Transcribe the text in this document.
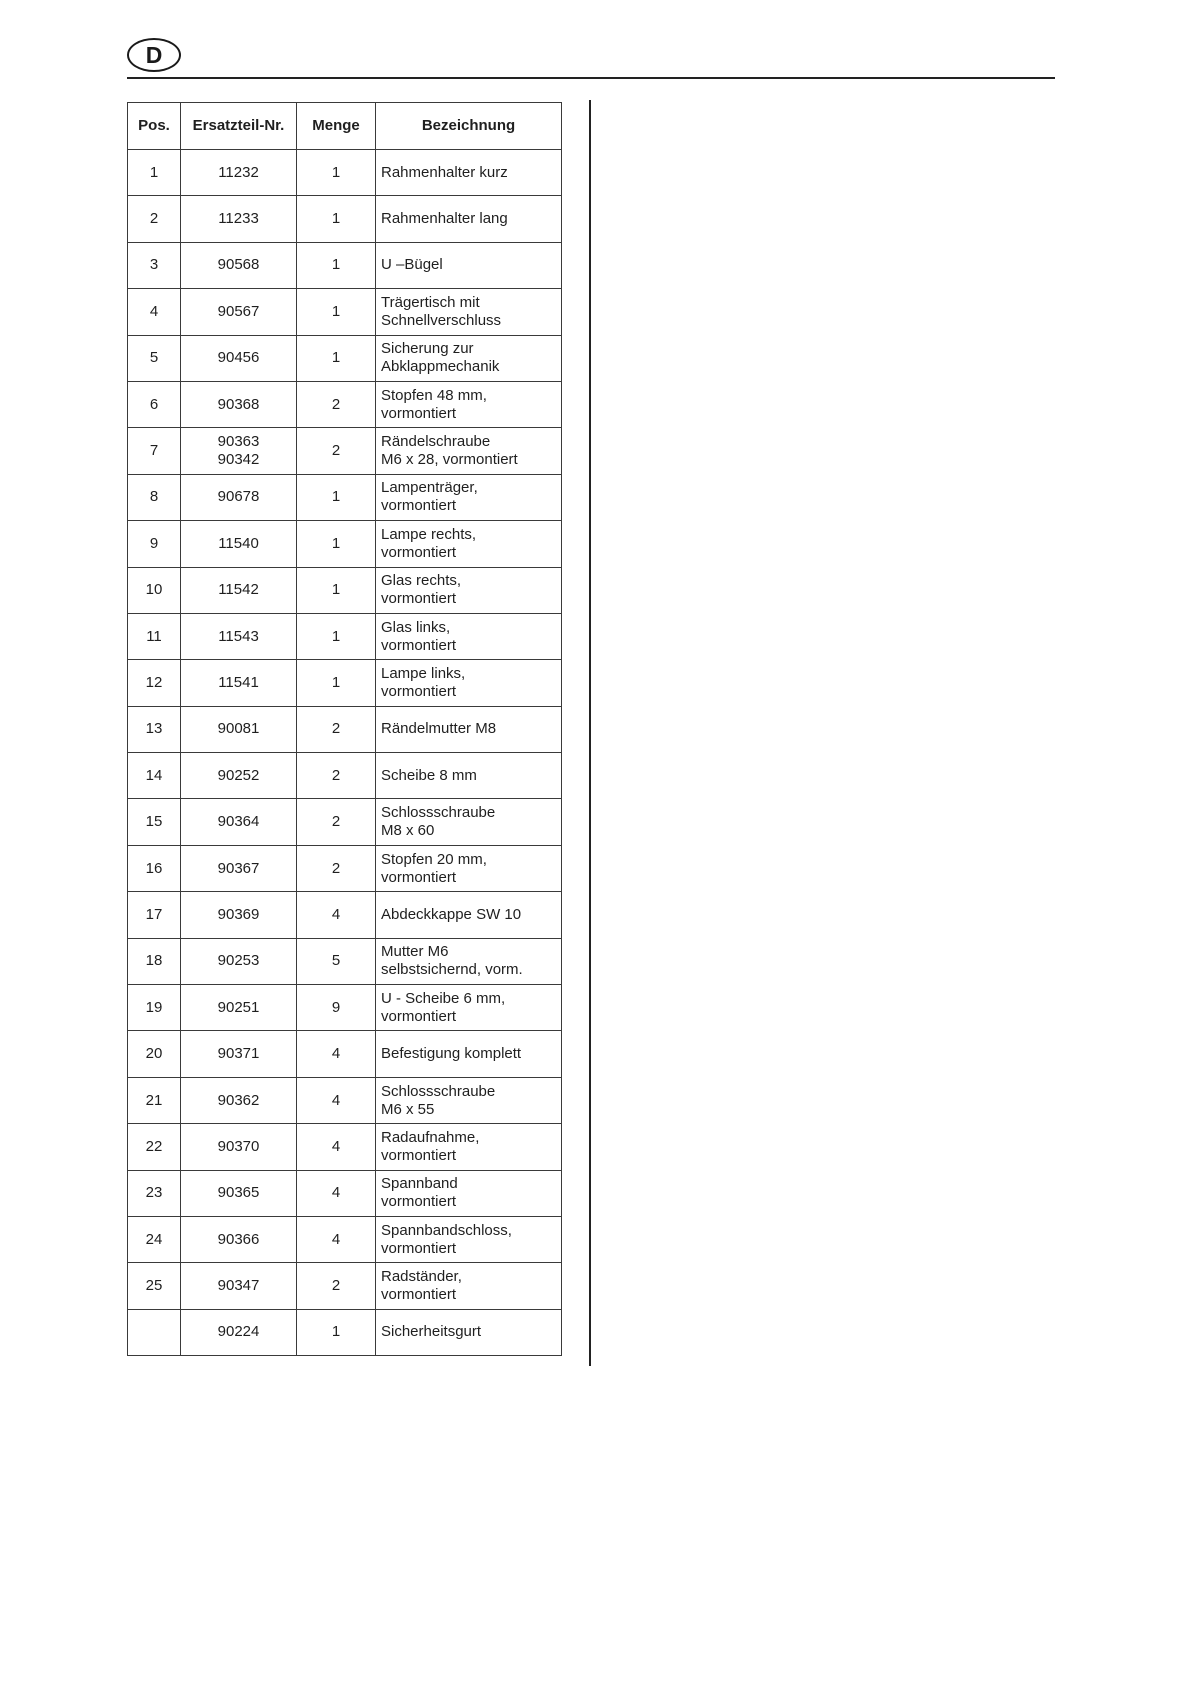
D
Pos.	Ersatzteil-Nr.	Menge	Bezeichnung
1	11232	1	Rahmenhalter kurz
2	11233	1	Rahmenhalter lang
3	90568	1	U –Bügel
4	90567	1	Trägertisch mit
Schnellverschluss
5	90456	1	Sicherung zur
Abklappmechanik
6	90368	2	Stopfen 48 mm,
vormontiert
7	90363
90342	2	Rändelschraube
M6 x 28, vormontiert
8	90678	1	Lampenträger,
vormontiert
9	11540	1	Lampe rechts,
vormontiert
10	11542	1	Glas rechts,
vormontiert
11	11543	1	Glas links,
vormontiert
12	11541	1	Lampe links,
vormontiert
13	90081	2	Rändelmutter M8
14	90252	2	Scheibe 8 mm
15	90364	2	Schlossschraube
M8 x 60
16	90367	2	Stopfen 20 mm,
vormontiert
17	90369	4	Abdeckkappe SW 10
18	90253	5	Mutter M6
selbstsichernd, vorm.
19	90251	9	U - Scheibe 6 mm,
vormontiert
20	90371	4	Befestigung komplett
21	90362	4	Schlossschraube
M6 x 55
22	90370	4	Radaufnahme,
vormontiert
23	90365	4	Spannband
vormontiert
24	90366	4	Spannbandschloss,
vormontiert
25	90347	2	Radständer,
vormontiert
	90224	1	Sicherheitsgurt
